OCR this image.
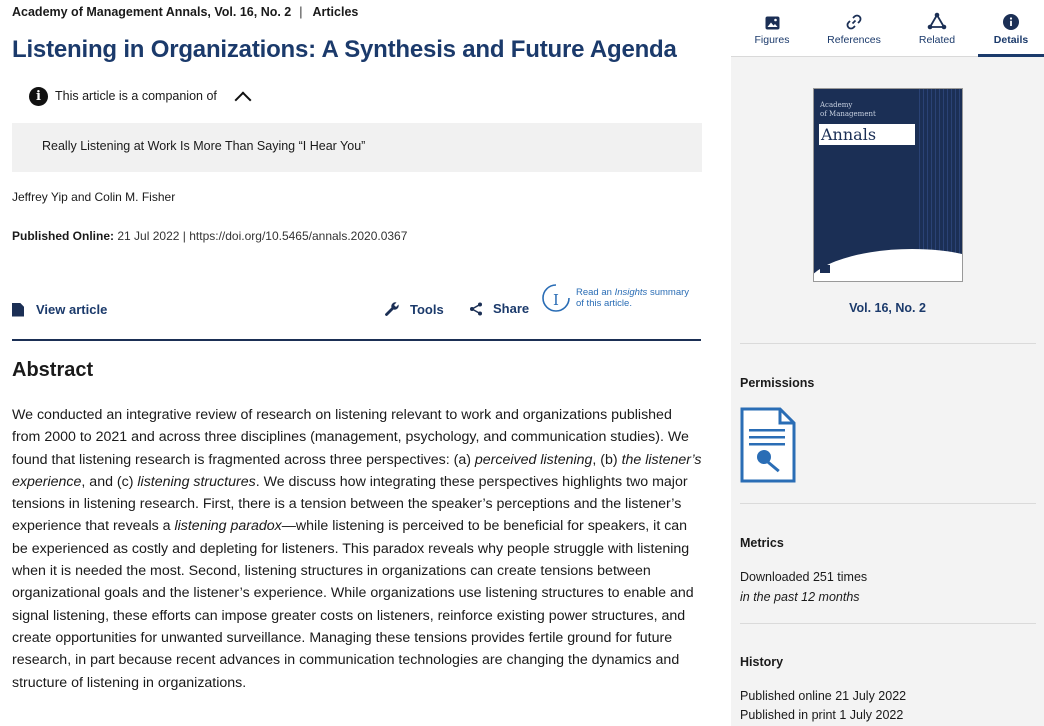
Academy of Management Annals, Vol. 16, No. 2 | Articles
Listening in Organizations: A Synthesis and Future Agenda
i	This article is a companion of
Really Listening at Work Is More Than Saying “I Hear You”
Jeffrey Yip and Colin M. Fisher
Published Online: 21 Jul 2022 | https://doi.org/10.5465/annals.2020.0367
View article	Tools	Share I Read an Insights summary
of this article.
Abstract

We conducted an integrative review of research on listening relevant to work and organizations published from 2000 to 2021 and across three disciplines (management, psychology, and communication studies). We found that listening research is fragmented across three perspectives: (a) perceived listening, (b) the listener’s experience, and (c) listening structures. We discuss how integrating these perspectives highlights two major tensions in listening research. First, there is a tension between the speaker’s perceptions and the listener’s experience that reveals a listening paradox—while listening is perceived to be beneficial for speakers, it can be experienced as costly and depleting for listeners. This paradox reveals why people struggle with listening when it is needed the most. Second, listening structures in organizations can create tensions between organizational goals and the listener’s experience. While organizations use listening structures to enable and signal listening, these efforts can impose greater costs on listeners, reinforce existing power structures, and create opportunities for unwanted surveillance. Managing these tensions provides fertile ground for future research, in part because recent advances in communication technologies are changing the dynamics and structure of listening in organizations.

Figures	References	Related	Details
Academy
of Management
Annals
Vol. 16, No. 2
Permissions
Metrics
Downloaded 251 times
in the past 12 months
History
Published online 21 July 2022
Published in print 1 July 2022
